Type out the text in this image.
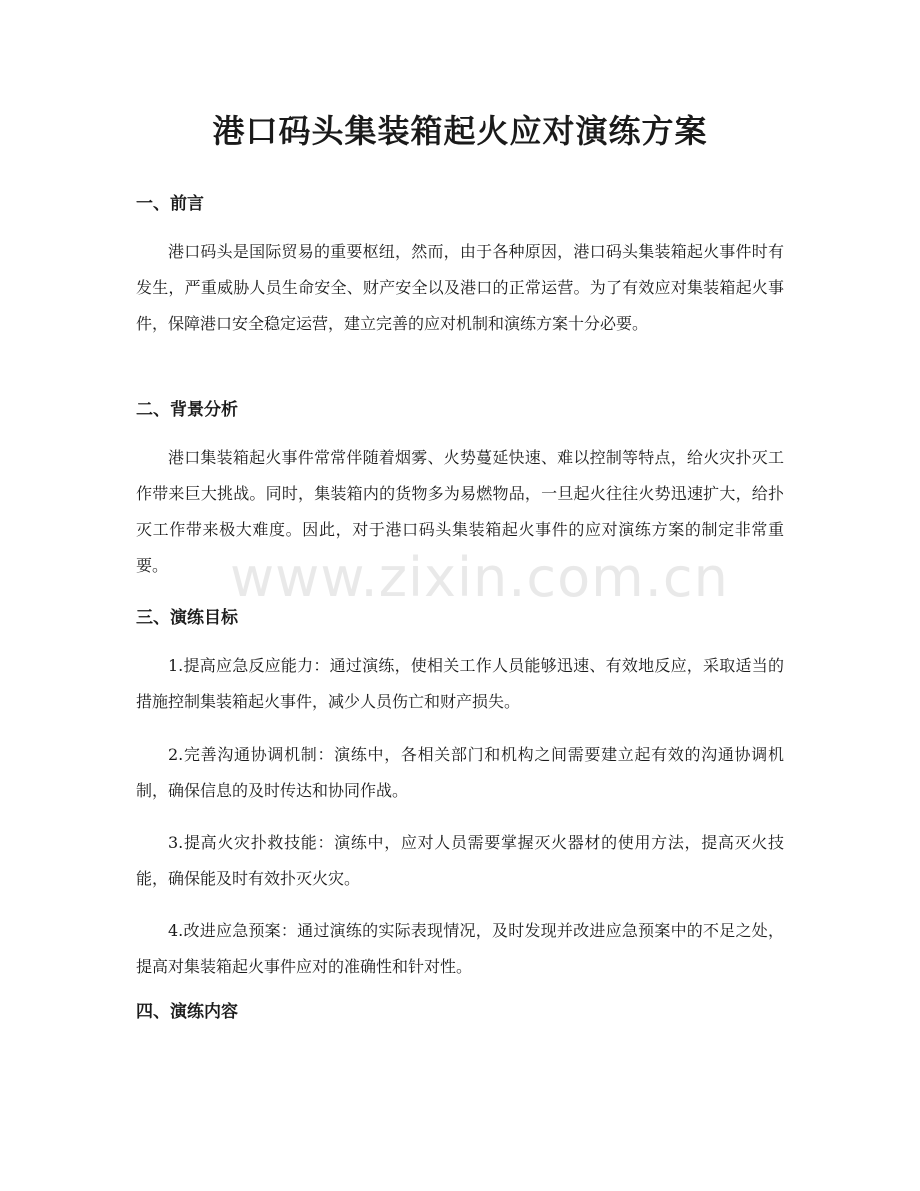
港口码头集装箱起火应对演练方案
一、前言

港口码头是国际贸易的重要枢纽，然而，由于各种原因，港口码头集装箱起火事件时有发生，严重威胁人员生命安全、财产安全以及港口的正常运营。为了有效应对集装箱起火事件，保障港口安全稳定运营，建立完善的应对机制和演练方案十分必要。

二、背景分析

港口集装箱起火事件常常伴随着烟雾、火势蔓延快速、难以控制等特点，给火灾扑灭工作带来巨大挑战。同时，集装箱内的货物多为易燃物品，一旦起火往往火势迅速扩大，给扑灭工作带来极大难度。因此，对于港口码头集装箱起火事件的应对演练方案的制定非常重要。

三、演练目标

1.提高应急反应能力：通过演练，使相关工作人员能够迅速、有效地反应，采取适当的措施控制集装箱起火事件，减少人员伤亡和财产损失。

2.完善沟通协调机制：演练中，各相关部门和机构之间需要建立起有效的沟通协调机制，确保信息的及时传达和协同作战。

3.提高火灾扑救技能：演练中，应对人员需要掌握灭火器材的使用方法，提高灭火技能，确保能及时有效扑灭火灾。

4.改进应急预案：通过演练的实际表现情况，及时发现并改进应急预案中的不足之处，提高对集装箱起火事件应对的准确性和针对性。

四、演练内容
www.zixin.com.cn
